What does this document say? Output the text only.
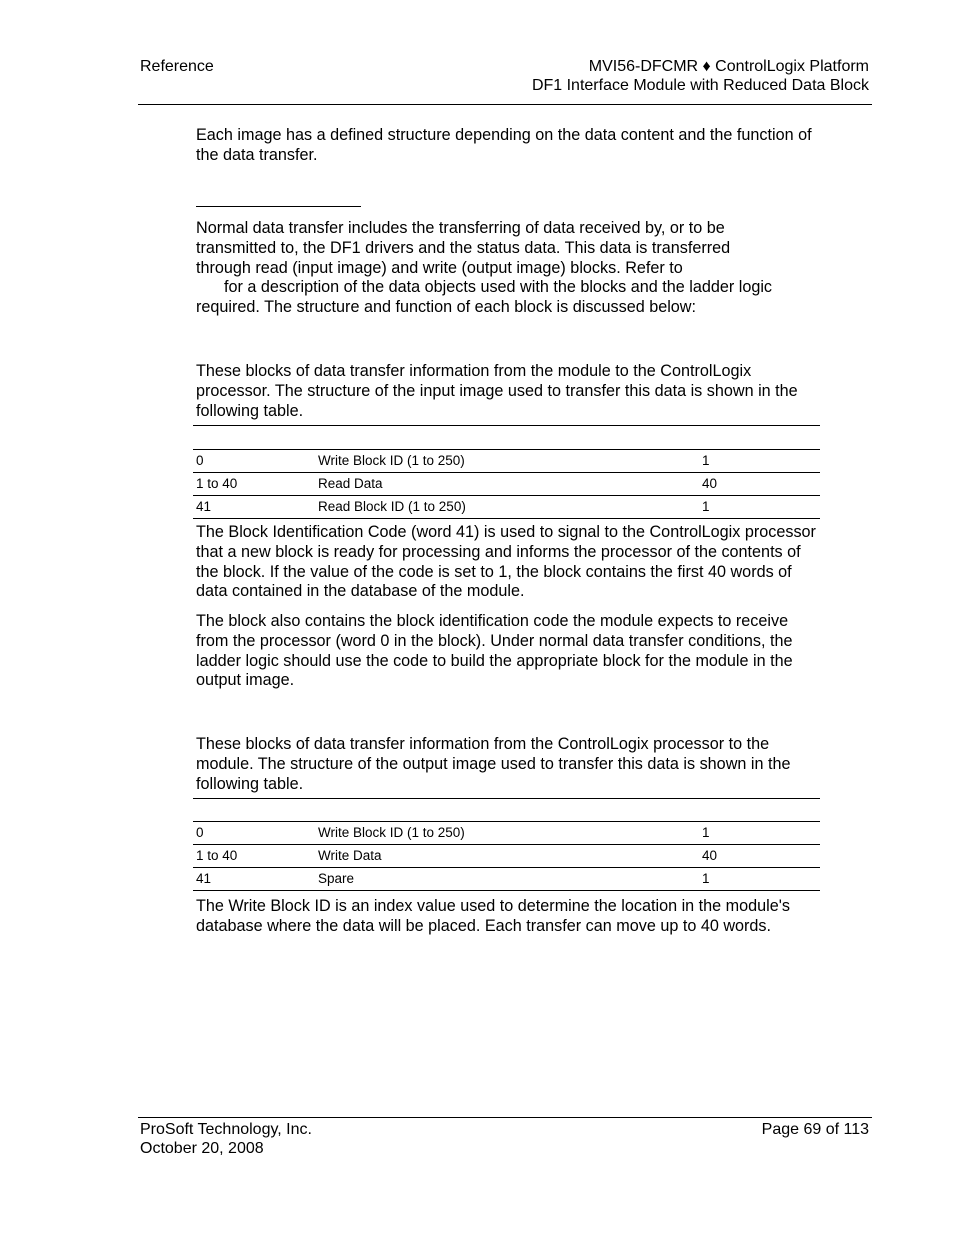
Reference	MVI56-DFCMR ♦ ControlLogix Platform
DF1 Interface Module with Reduced Data Block
Each image has a defined structure depending on the data content and the function of the data transfer.
Normal data transfer includes the transferring of data received by, or to be
transmitted to, the DF1 drivers and the status data. This data is transferred
through read (input image) and write (output image) blocks. Refer to
for a description of the data objects used with the blocks and the ladder logic
required. The structure and function of each block is discussed below:
These blocks of data transfer information from the module to the ControlLogix processor. The structure of the input image used to transfer this data is shown in the following table.
0	Write Block ID (1 to 250)	1
1 to 40	Read Data	40
41	Read Block ID (1 to 250)	1
The Block Identification Code (word 41) is used to signal to the ControlLogix processor that a new block is ready for processing and informs the processor of the contents of the block. If the value of the code is set to 1, the block contains the first 40 words of data contained in the database of the module.
The block also contains the block identification code the module expects to receive from the processor (word 0 in the block). Under normal data transfer conditions, the ladder logic should use the code to build the appropriate block for the module in the output image.
These blocks of data transfer information from the ControlLogix processor to the module. The structure of the output image used to transfer this data is shown in the following table.
0	Write Block ID (1 to 250)	1
1 to 40	Write Data	40
41	Spare	1
The Write Block ID is an index value used to determine the location in the module's database where the data will be placed. Each transfer can move up to 40 words.
ProSoft Technology, Inc.
October 20, 2008
Page 69 of 113
